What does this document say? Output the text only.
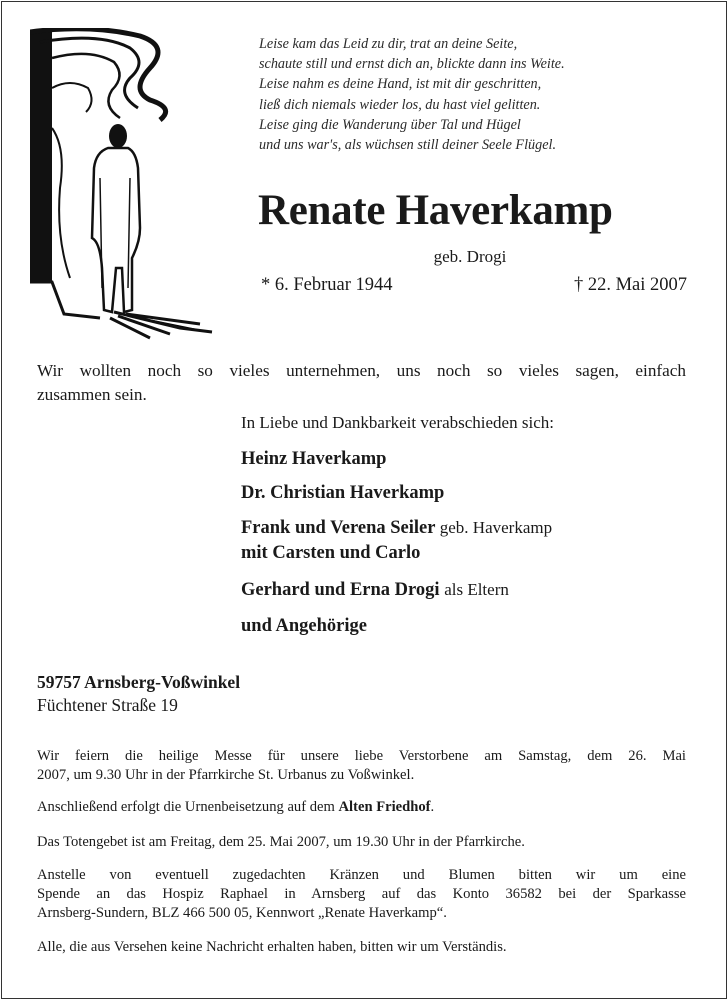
Leise kam das Leid zu dir, trat an deine Seite,
schaute still und ernst dich an, blickte dann ins Weite.
Leise nahm es deine Hand, ist mit dir geschritten,
ließ dich niemals wieder los, du hast viel gelitten.
Leise ging die Wanderung über Tal und Hügel
und uns war's, als wüchsen still deiner Seele Flügel.
Renate Haverkamp
geb. Drogi
* 6. Februar 1944	† 22. Mai 2007
Wir wollten noch so vieles unternehmen, uns noch so vieles sagen, einfach
zusammen sein.
In Liebe und Dankbarkeit verabschieden sich:
Heinz Haverkamp
Dr. Christian Haverkamp
Frank und Verena Seiler geb. Haverkamp
mit Carsten und Carlo
Gerhard und Erna Drogi als Eltern
und Angehörige
59757 Arnsberg-Voßwinkel
Füchtener Straße 19
Wir feiern die heilige Messe für unsere liebe Verstorbene am Samstag, dem 26. Mai
2007, um 9.30 Uhr in der Pfarrkirche St. Urbanus zu Voßwinkel.
Anschließend erfolgt die Urnenbeisetzung auf dem Alten Friedhof.
Das Totengebet ist am Freitag, dem 25. Mai 2007, um 19.30 Uhr in der Pfarrkirche.
Anstelle von eventuell zugedachten Kränzen und Blumen bitten wir um eine
Spende an das Hospiz Raphael in Arnsberg auf das Konto 36582 bei der Sparkasse
Arnsberg-Sundern, BLZ 466 500 05, Kennwort „Renate Haverkamp“.
Alle, die aus Versehen keine Nachricht erhalten haben, bitten wir um Verständis.
